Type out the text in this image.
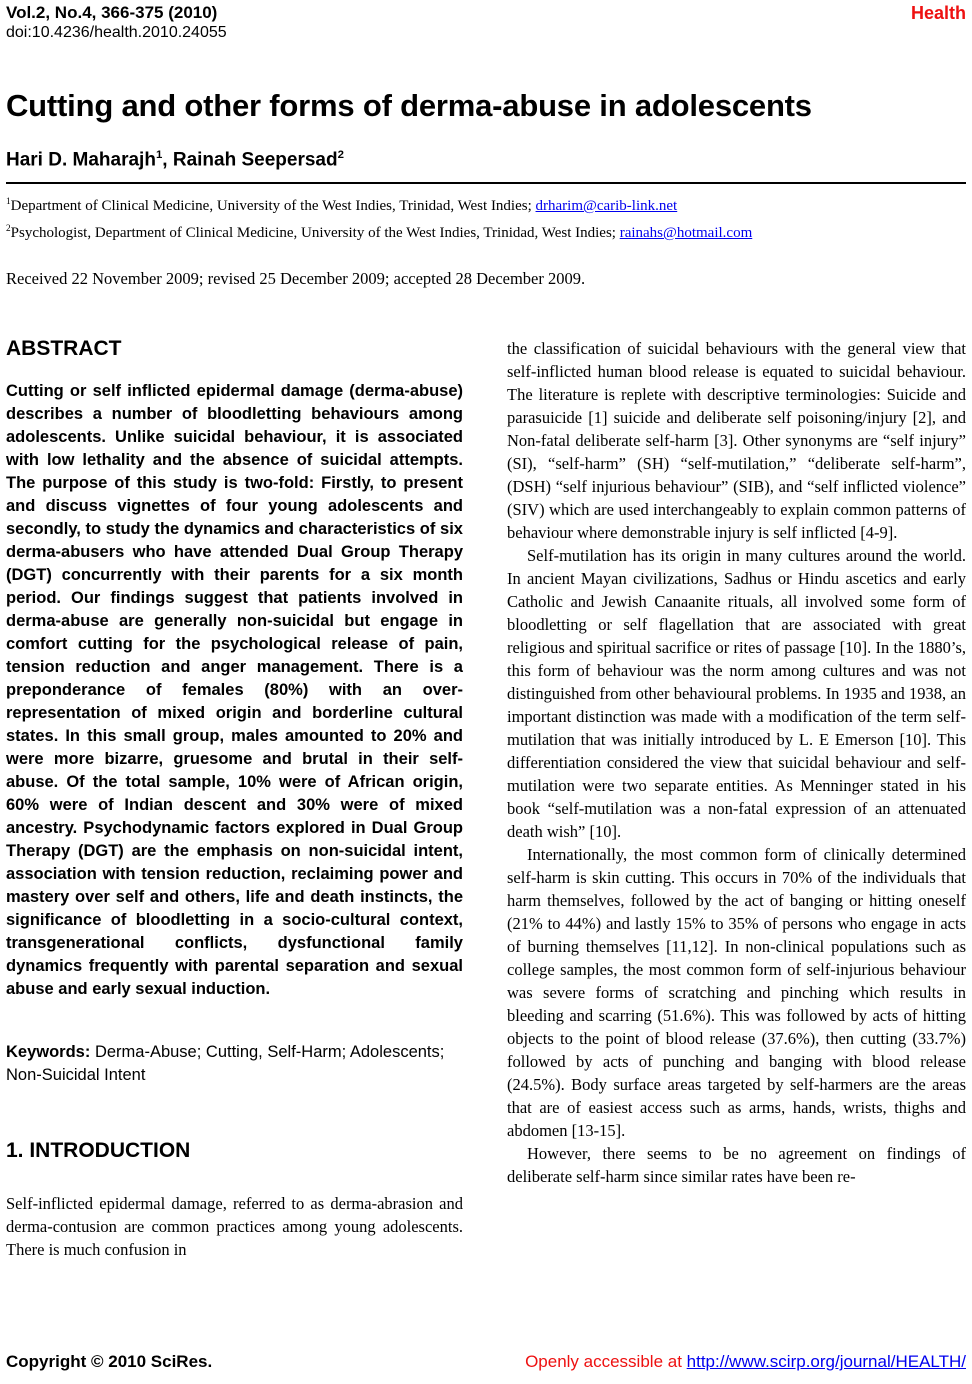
Vol.2, No.4, 366-375 (2010)
doi:10.4236/health.2010.24055
Health
Cutting and other forms of derma-abuse in adolescents
Hari D. Maharajh$^1$, Rainah Seepersad$^2$

$^1$Department of Clinical Medicine, University of the West Indies, Trinidad, West Indies; drharim@carib-link.net

$^2$Psychologist, Department of Clinical Medicine, University of the West Indies, Trinidad, West Indies; rainahs@hotmail.com

Received 22 November 2009; revised 25 December 2009; accepted 28 December 2009.

ABSTRACT

Cutting or self inflicted epidermal damage (derma-abuse) describes a number of bloodletting behaviours among adolescents. Unlike suicidal behaviour, it is associated with low lethality and the absence of suicidal attempts. The purpose of this study is two-fold: Firstly, to present and discuss vignettes of four young adolescents and secondly, to study the dynamics and characteristics of six derma-abusers who have attended Dual Group Therapy (DGT) concurrently with their parents for a six month period. Our findings suggest that patients involved in derma-abuse are generally non-suicidal but engage in comfort cutting for the psychological release of pain, tension reduction and anger management. There is a preponderance of females (80%) with an over-representation of mixed origin and borderline cultural states. In this small group, males amounted to 20% and were more bizarre, gruesome and brutal in their self-abuse. Of the total sample, 10% were of African origin, 60% were of Indian descent and 30% were of mixed ancestry. Psychodynamic factors explored in Dual Group Therapy (DGT) are the emphasis on non-suicidal intent, association with tension reduction, reclaiming power and mastery over self and others, life and death instincts, the significance of bloodletting in a socio-cultural context, transgenerational conflicts, dysfunctional family dynamics frequently with parental separation and sexual abuse and early sexual induction.

Keywords: Derma-Abuse; Cutting, Self-Harm; Adolescents; Non-Suicidal Intent

1. INTRODUCTION

Self-inflicted epidermal damage, referred to as derma-abrasion and derma-contusion are common practices among young adolescents. There is much confusion in

the classification of suicidal behaviours with the general view that self-inflicted human blood release is equated to suicidal behaviour. The literature is replete with descriptive terminologies: Suicide and parasuicide [1] suicide and deliberate self poisoning/injury [2], and Non-fatal deliberate self-harm [3]. Other synonyms are “self injury” (SI), “self-harm” (SH) “self-mutilation,” “deliberate self-harm”, (DSH) “self injurious behaviour” (SIB), and “self inflicted violence” (SIV) which are used interchangeably to explain common patterns of behaviour where demonstrable injury is self inflicted [4-9].

Self-mutilation has its origin in many cultures around the world. In ancient Mayan civilizations, Sadhus or Hindu ascetics and early Catholic and Jewish Canaanite rituals, all involved some form of bloodletting or self flagellation that are associated with great religious and spiritual sacrifice or rites of passage [10]. In the 1880’s, this form of behaviour was the norm among cultures and was not distinguished from other behavioural problems. In 1935 and 1938, an important distinction was made with a modification of the term self-mutilation that was initially introduced by L. E Emerson [10]. This differentiation considered the view that suicidal behaviour and self-mutilation were two separate entities. As Menninger stated in his book “self-mutilation was a non-fatal expression of an attenuated death wish” [10].

Internationally, the most common form of clinically determined self-harm is skin cutting. This occurs in 70% of the individuals that harm themselves, followed by the act of banging or hitting oneself (21% to 44%) and lastly 15% to 35% of persons who engage in acts of burning themselves [11,12]. In non-clinical populations such as college samples, the most common form of self-injurious behaviour was severe forms of scratching and pinching which results in bleeding and scarring (51.6%). This was followed by acts of hitting objects to the point of blood release (37.6%), then cutting (33.7%) followed by acts of punching and banging with blood release (24.5%). Body surface areas targeted by self-harmers are the areas that are of easiest access such as arms, hands, wrists, thighs and abdomen [13-15].

However, there seems to be no agreement on findings of deliberate self-harm since similar rates have been re-

Copyright © 2010 SciRes.	Openly accessible at http://www.scirp.org/journal/HEALTH/
